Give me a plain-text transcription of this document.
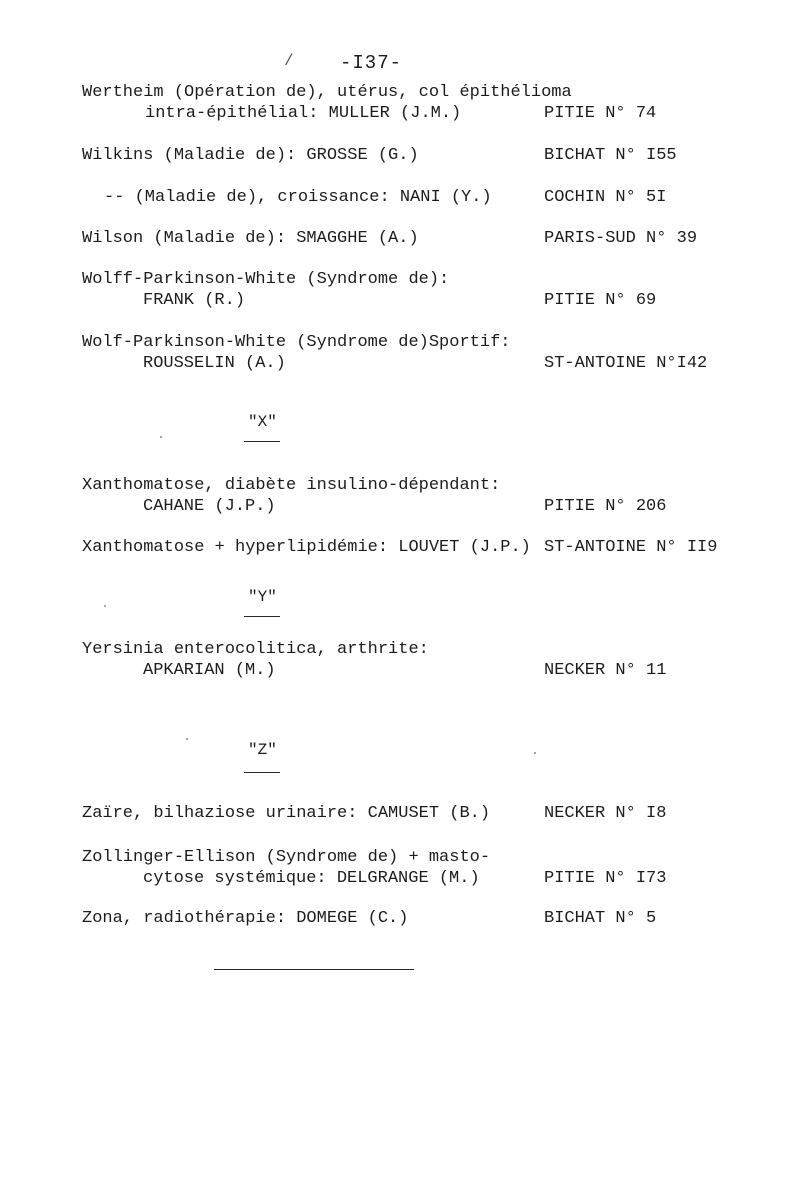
/ -I37-
Wertheim (Opération de), utérus, col épithélioma
intra-épithélial: MULLER (J.M.)	PITIE N° 74
Wilkins (Maladie de): GROSSE (G.)	BICHAT N° I55
-- (Maladie de), croissance: NANI (Y.)	COCHIN N° 5I
Wilson (Maladie de): SMAGGHE (A.)	PARIS-SUD N° 39
Wolff-Parkinson-White (Syndrome de):
FRANK (R.)	PITIE N° 69
Wolf-Parkinson-White (Syndrome de)Sportif:
ROUSSELIN (A.)	ST-ANTOINE N°I42
"X"
Xanthomatose, diabète insulino-dépendant:
CAHANE (J.P.)	PITIE N° 206
Xanthomatose + hyperlipidémie: LOUVET (J.P.) ST-ANTOINE N° II9
"Y"
Yersinia enterocolitica, arthrite:
APKARIAN (M.)	NECKER N° 11
"Z"
Zaïre, bilhaziose urinaire: CAMUSET (B.)	NECKER N° I8
Zollinger-Ellison (Syndrome de) + masto-
cytose systémique: DELGRANGE (M.)	PITIE N° I73
Zona, radiothérapie: DOMEGE (C.)	BICHAT N° 5
